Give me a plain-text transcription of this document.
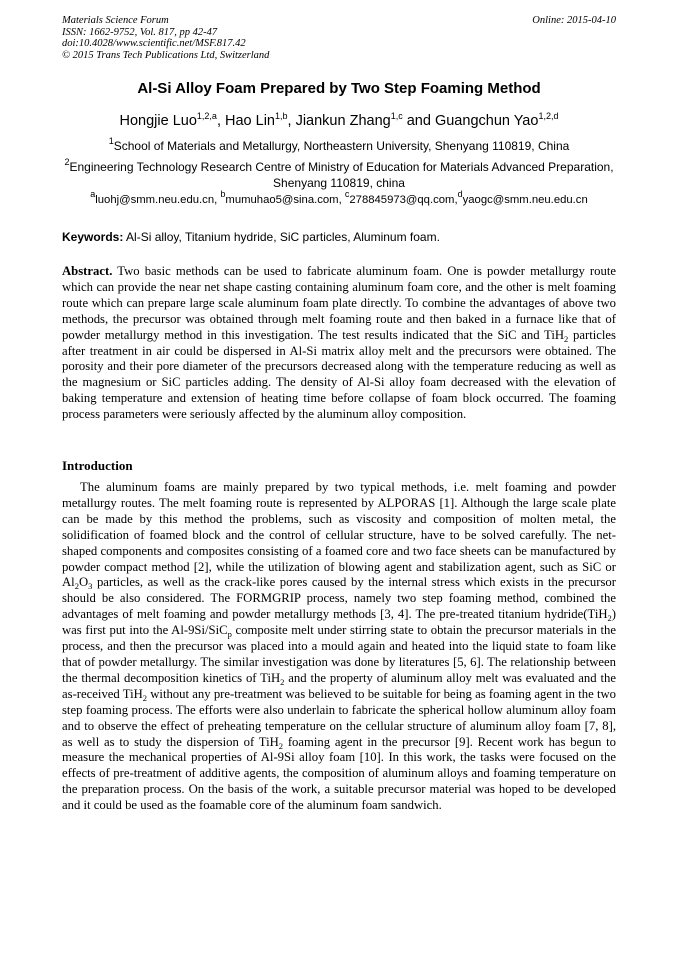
Materials Science Forum
ISSN: 1662-9752, Vol. 817, pp 42-47
doi:10.4028/www.scientific.net/MSF.817.42
© 2015 Trans Tech Publications Ltd, Switzerland
Online: 2015-04-10
Al-Si Alloy Foam Prepared by Two Step Foaming Method
Hongjie Luo$^{1,2,a}$, Hao Lin$^{1,b}$, Jiankun Zhang$^{1,c}$ and Guangchun Yao$^{1,2,d}$
$^1$School of Materials and Metallurgy, Northeastern University, Shenyang 110819, China
$^2$Engineering Technology Research Centre of Ministry of Education for Materials Advanced Preparation, Shenyang 110819, china
$^a$luohj@smm.neu.edu.cn, $^b$mumuhao5@sina.com, $^c$278845973@qq.com,$^d$yaogc@smm.neu.edu.cn
Keywords: Al-Si alloy, Titanium hydride, SiC particles, Aluminum foam.
Abstract. Two basic methods can be used to fabricate aluminum foam. One is powder metallurgy route which can provide the near net shape casting containing aluminum foam core, and the other is melt foaming route which can prepare large scale aluminum foam plate directly. To combine the advantages of above two methods, the precursor was obtained through melt foaming route and then baked in a furnace like that of powder metallurgy method in this investigation. The test results indicated that the SiC and TiH$_2$ particles after treatment in air could be dispersed in Al-Si matrix alloy melt and the precursors were obtained. The porosity and their pore diameter of the precursors decreased along with the temperature reducing as well as the magnesium or SiC particles adding. The density of Al-Si alloy foam decreased with the elevation of baking temperature and extension of heating time before collapse of foam block occurred. The foaming process parameters were seriously affected by the aluminum alloy composition.
Introduction
The aluminum foams are mainly prepared by two typical methods, i.e. melt foaming and powder metallurgy routes. The melt foaming route is represented by ALPORAS [1]. Although the large scale plate can be made by this method the problems, such as viscosity and composition of molten metal, the solidification of foamed block and the control of cellular structure, have to be solved carefully. The net-shaped components and composites consisting of a foamed core and two face sheets can be manufactured by powder compact method [2], while the utilization of blowing agent and stabilization agent, such as SiC or $Al_2O_3$ particles, as well as the crack-like pores caused by the internal stress which exists in the precursor should be also considered. The FORMGRIP process, namely two step foaming method, combined the advantages of melt foaming and powder metallurgy methods [3, 4]. The pre-treated titanium hydride(TiH$_2$) was first put into the Al-9Si/SiC$_p$ composite melt under stirring state to obtain the precursor materials in the process, and then the precursor was placed into a mould again and heated into the liquid state to foam like that of powder metallurgy. The similar investigation was done by literatures [5, 6]. The relationship between the thermal decomposition kinetics of TiH$_2$ and the property of aluminum alloy melt was evaluated and the as-received TiH$_2$ without any pre-treatment was believed to be suitable for being as foaming agent in the two step foaming process. The efforts were also underlain to fabricate the spherical hollow aluminum alloy foam and to observe the effect of preheating temperature on the cellular structure of aluminum alloy foam [7, 8], as well as to study the dispersion of TiH$_2$ foaming agent in the precursor [9]. Recent work has begun to measure the mechanical properties of Al-9Si alloy foam [10]. In this work, the tasks were focused on the effects of pre-treatment of additive agents, the composition of aluminum alloys and foaming temperature on the preparation process. On the basis of the work, a suitable precursor material was hoped to be developed and it could be used as the foamable core of the aluminum foam sandwich.
